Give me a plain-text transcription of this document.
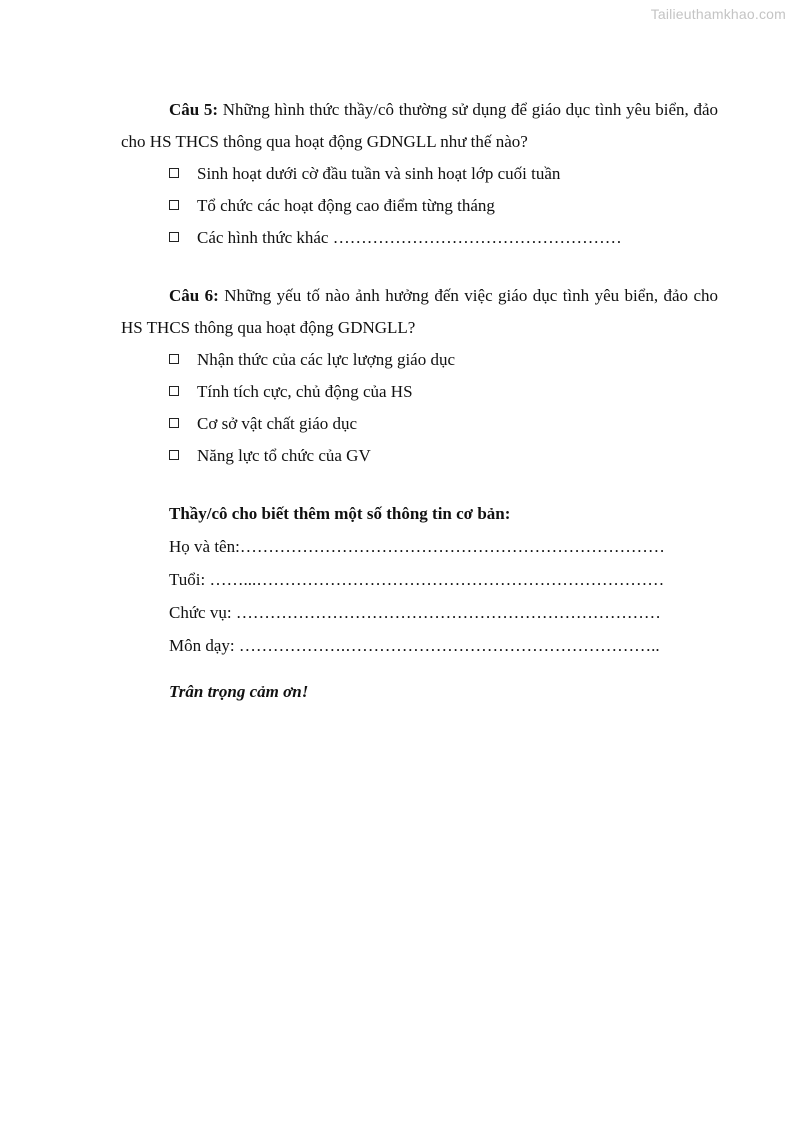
Tailieuthamkhao.com

Câu 5: Những hình thức thầy/cô thường sử dụng để giáo dục tình yêu biển, đảo cho HS THCS thông qua hoạt động GDNGLL như thế nào?

Sinh hoạt dưới cờ đầu tuần và sinh hoạt lớp cuối tuần
Tổ chức các hoạt động cao điểm từng tháng
Các hình thức khác ……………………………………………

Câu 6: Những yếu tố nào ảnh hưởng đến việc giáo dục tình yêu biển, đảo cho HS THCS thông qua hoạt động GDNGLL?

Nhận thức của các lực lượng giáo dục
Tính tích cực, chủ động của HS
Cơ sở vật chất giáo dục
Năng lực tổ chức của GV
Thầy/cô cho biết thêm một số thông tin cơ bản:
Họ và tên:…………………………………………………………………
Tuổi: ……...………………………………………………………………
Chức vụ: …………………………………………………………………
Môn dạy: ……………….………………………………………………..
Trân trọng cảm ơn!
